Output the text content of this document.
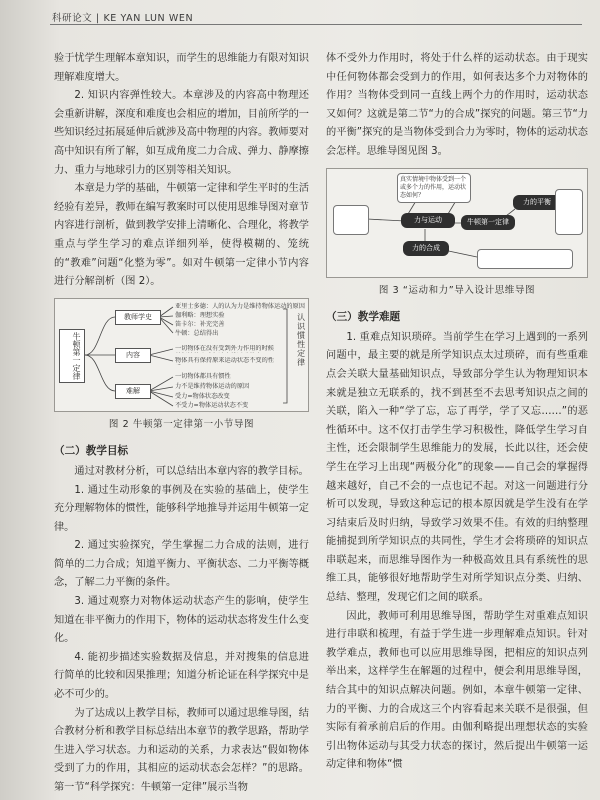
科研论文 | KE YAN LUN WEN

验于忧学生理解本章知识，而学生的思维能力有限对知识理解难度增大。

2. 知识内容弹性较大。本章涉及的内容高中物理还会重新讲解，深度和难度也会相应的增加，目前所学的一些知识经过拓展延伸后就涉及高中物理的内容。教师要对高中知识有所了解，如互成角度二力合成、弹力、静摩擦力、重力与地球引力的区别等相关知识。

本章是力学的基础，牛顿第一定律和学生平时的生活经验有差异，教师在编写教案时可以使用思维导图对章节内容进行剖析，做到教学安排上清晰化、合理化，将教学重点与学生学习的难点详细列举，使得模糊的、笼统的“教难”问题“化整为零”。如对牛顿第一定律小节内容进行分解剖析（图 2）。

牛顿第一定律
教师学史
内容
难解
亚里士多德：人的认为力是维持物体运动的原因
伽利略：理想实验
笛卡尔：补充完善
牛顿：总结得出
一切物体在没有受到外力作用的时候
物体具有保持原来运动状态不变的性
一切物体都具有惯性
力不是维持物体运动的原因
受力=物体状态改变
不受力=物体运动状态不变
认识惯性定律
图 2 牛顿第一定律第一小节导图
（二）教学目标

通过对教材分析，可以总结出本章内容的教学目标。

1. 通过生动形象的事例及在实验的基础上，使学生充分理解物体的惯性，能够科学地推导并运用牛顿第一定律。

2. 通过实验探究，学生掌握二力合成的法则，进行简单的二力合成；知道平衡力、平衡状态、二力平衡等概念，了解二力平衡的条件。

3. 通过观察力对物体运动状态产生的影响，使学生知道在非平衡力的作用下，物体的运动状态将发生什么变化。

4. 能初步描述实验数据及信息，并对搜集的信息进行简单的比较和因果推理；知道分析论证在科学探究中是必不可少的。

为了达成以上教学目标，教师可以通过思维导图，结合教材分析和教学目标总结出本章节的教学思路，帮助学生进入学习状态。力和运动的关系，力求表达“假如物体受到了力的作用，其相应的运动状态会怎样？”的思路。第一节“科学探究：牛顿第一定律”展示当物

体不受外力作用时，将处于什么样的运动状态。由于现实中任何物体都会受到力的作用，如何表达多个力对物体的作用？当物体受到同一直线上两个力的作用时，运动状态又如何？这就是第二节“力的合成”探究的问题。第三节“力的平衡”探究的是当物体受到合力为零时，物体的运动状态会怎样。思维导图见图 3。

真实情境中物体受到一个或多个力的作用，运动状态如何？
力与运动	牛顿第一定律
力的合成
力的平衡
图 3 “运动和力”导入设计思维导图
（三）教学难题

1. 重难点知识琐碎。当前学生在学习上遇到的一系列问题中，最主要的就是所学知识点太过琐碎，而有些重难点会关联大量基础知识点，导致部分学生认为物理知识本来就是独立无联系的，找不到甚至不去思考知识点之间的关联，陷入一种“学了忘，忘了再学，学了又忘……”的恶性循环中。这不仅打击学生学习积极性，降低学生学习自主性，还会限制学生思维能力的发展，长此以往，还会使学生在学习上出现“两极分化”的现象——自己会的掌握得越来越好，自己不会的一点也记不起。对这一问题进行分析可以发现，导致这种忘记的根本原因就是学生没有在学习结束后及时归纳，导致学习效果不佳。有效的归纳整理能捕捉到所学知识点的共同性，学生才会将琐碎的知识点串联起来，而思维导图作为一种极高效且具有系统性的思维工具，能够很好地帮助学生对所学知识点分类、归纳、总结、整理，发现它们之间的联系。

因此，教师可利用思维导图，帮助学生对重难点知识进行串联和梳理，有益于学生进一步理解难点知识。针对教学难点，教师也可以应用思维导图，把相应的知识点列举出来，这样学生在解题的过程中，便会利用思维导图，结合其中的知识点解决问题。例如，本章牛顿第一定律、力的平衡、力的合成这三个内容看起来关联不是很强，但实际有着承前启后的作用。由伽利略提出理想状态的实验引出物体运动与其受力状态的探讨，然后提出牛顿第一运动定律和物体“惯
